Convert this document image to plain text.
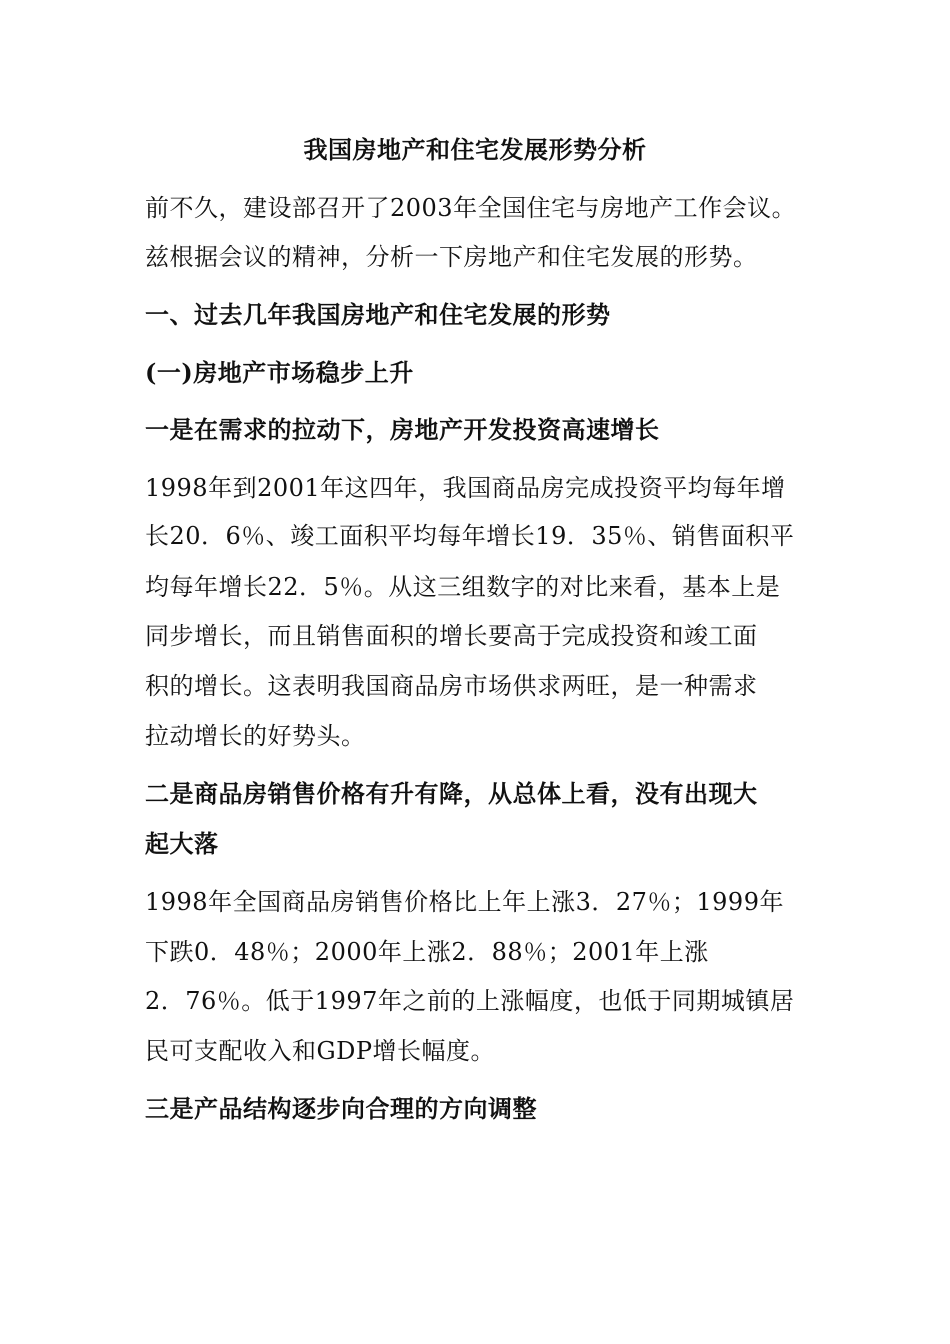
我国房地产和住宅发展形势分析
前不久，建设部召开了2003年全国住宅与房地产工作会议。
兹根据会议的精神，分析一下房地产和住宅发展的形势。
一、过去几年我国房地产和住宅发展的形势
(一)房地产市场稳步上升
一是在需求的拉动下，房地产开发投资高速增长
1998年到2001年这四年，我国商品房完成投资平均每年增
长20．6％、竣工面积平均每年增长19．35％、销售面积平
均每年增长22．5％。从这三组数字的对比来看，基本上是
同步增长，而且销售面积的增长要高于完成投资和竣工面
积的增长。这表明我国商品房市场供求两旺，是一种需求
拉动增长的好势头。
二是商品房销售价格有升有降，从总体上看，没有出现大
起大落
1998年全国商品房销售价格比上年上涨3．27％；1999年
下跌0．48％；2000年上涨2．88％；2001年上涨
2．76％。低于1997年之前的上涨幅度，也低于同期城镇居
民可支配收入和GDP增长幅度。
三是产品结构逐步向合理的方向调整
